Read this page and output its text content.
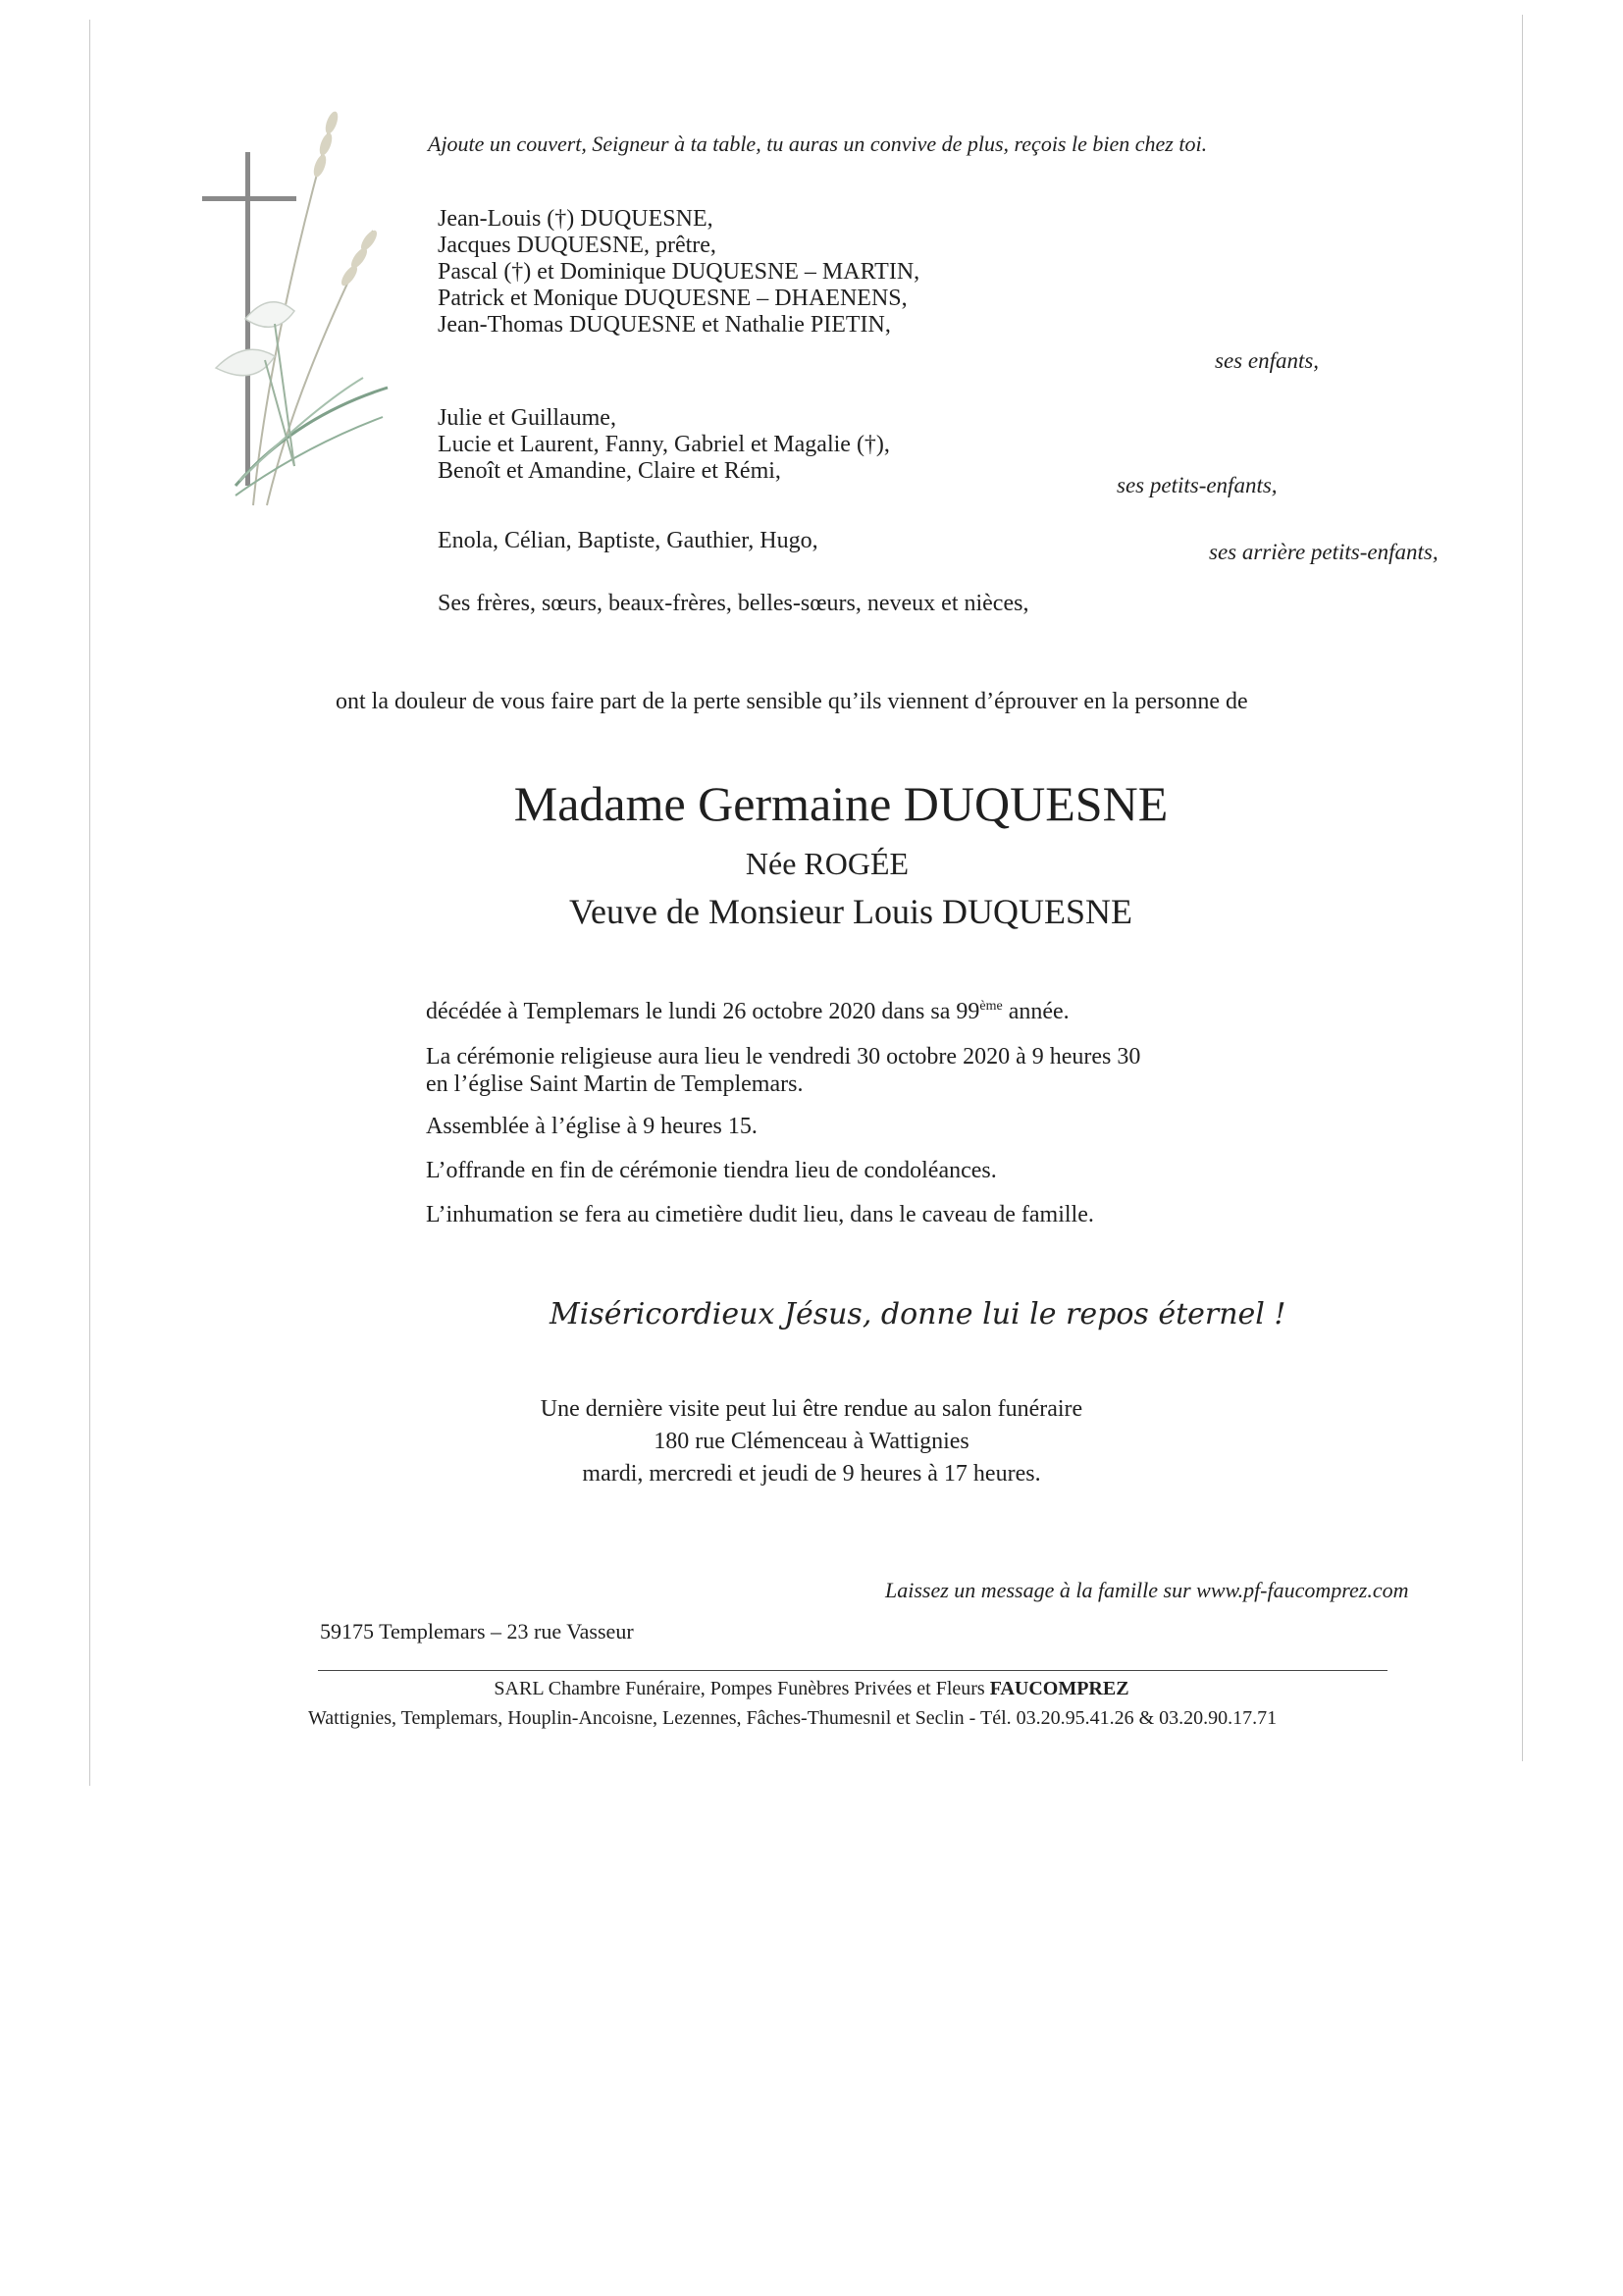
Ajoute un couvert, Seigneur à ta table, tu auras un convive de plus, reçois le bien chez toi.
Jean-Louis (†) DUQUESNE,
Jacques DUQUESNE, prêtre,
Pascal (†) et Dominique DUQUESNE – MARTIN,
Patrick et Monique DUQUESNE – DHAENENS,
Jean-Thomas DUQUESNE et Nathalie PIETIN,
ses enfants,
Julie et Guillaume,
Lucie et Laurent, Fanny, Gabriel et Magalie (†),
Benoît et Amandine, Claire et Rémi,
ses petits-enfants,
Enola, Célian, Baptiste, Gauthier, Hugo,	ses arrière petits-enfants,
Ses frères, sœurs, beaux-frères, belles-sœurs, neveux et nièces,
ont la douleur de vous faire part de la perte sensible qu’ils viennent d’éprouver en la personne de
Madame Germaine DUQUESNE
Née ROGÉE
Veuve de Monsieur Louis DUQUESNE
décédée à Templemars le lundi 26 octobre 2020 dans sa 99ème année.
La cérémonie religieuse aura lieu le vendredi 30 octobre 2020 à 9 heures 30
en l’église Saint Martin de Templemars.
Assemblée à l’église à 9 heures 15.
L’offrande en fin de cérémonie tiendra lieu de condoléances.
L’inhumation se fera au cimetière dudit lieu, dans le caveau de famille.
Miséricordieux Jésus, donne lui le repos éternel !
Une dernière visite peut lui être rendue au salon funéraire
180 rue Clémenceau à Wattignies
mardi, mercredi et jeudi de 9 heures à 17 heures.
Laissez un message à la famille sur www.pf-faucomprez.com
59175 Templemars – 23 rue Vasseur
SARL Chambre Funéraire, Pompes Funèbres Privées et Fleurs FAUCOMPREZ
Wattignies, Templemars, Houplin-Ancoisne, Lezennes, Fâches-Thumesnil et Seclin - Tél. 03.20.95.41.26 & 03.20.90.17.71
